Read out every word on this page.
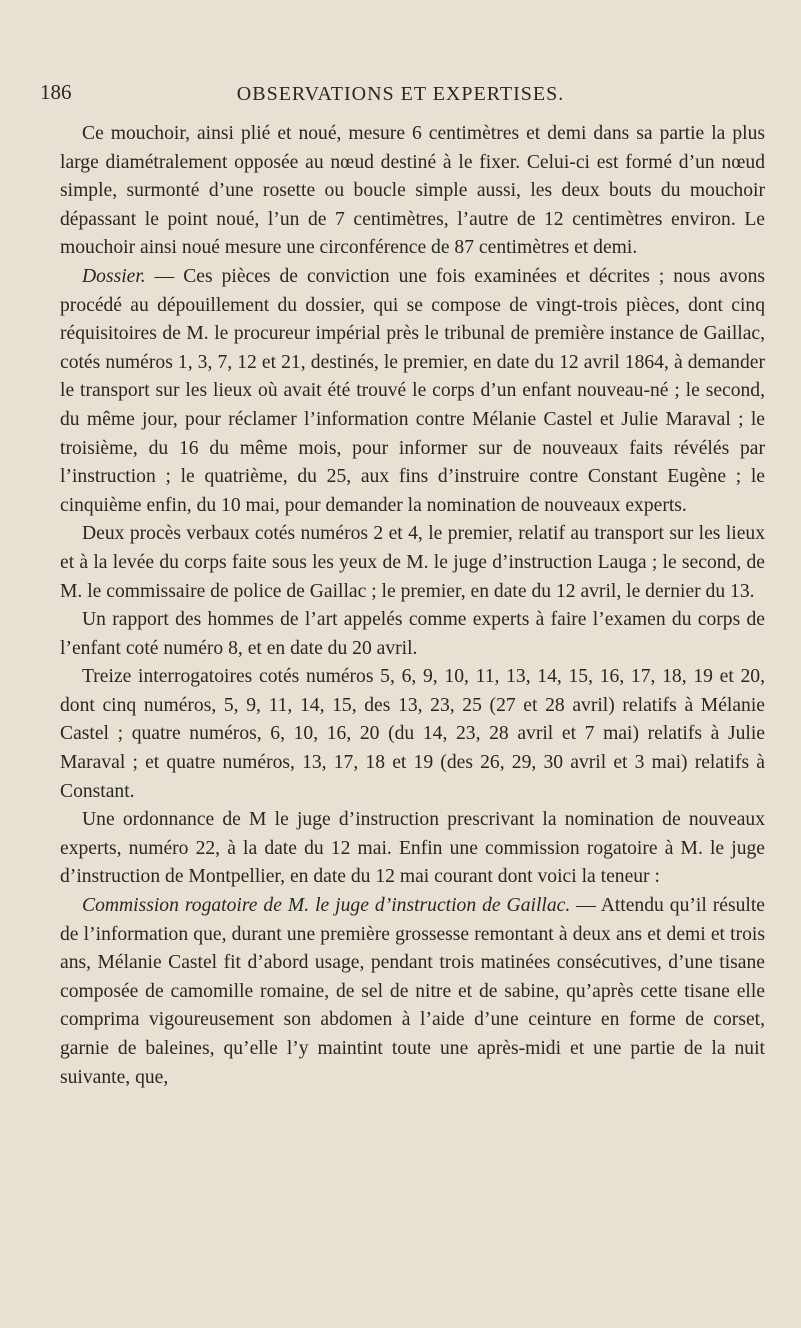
186	OBSERVATIONS ET EXPERTISES.

Ce mouchoir, ainsi plié et noué, mesure 6 centimètres et demi dans sa partie la plus large diamétralement opposée au nœud destiné à le fixer. Celui-ci est formé d’un nœud simple, surmonté d’une rosette ou boucle simple aussi, les deux bouts du mouchoir dépassant le point noué, l’un de 7 centimètres, l’autre de 12 centimètres environ. Le mouchoir ainsi noué mesure une circonférence de 87 centimètres et demi.

Dossier. — Ces pièces de conviction une fois examinées et décrites ; nous avons procédé au dépouillement du dossier, qui se compose de vingt-trois pièces, dont cinq réquisitoires de M. le procureur impérial près le tribunal de première instance de Gaillac, cotés numéros 1, 3, 7, 12 et 21, destinés, le premier, en date du 12 avril 1864, à demander le transport sur les lieux où avait été trouvé le corps d’un enfant nouveau-né ; le second, du même jour, pour réclamer l’information contre Mélanie Castel et Julie Maraval ; le troisième, du 16 du même mois, pour informer sur de nouveaux faits révélés par l’instruction ; le quatrième, du 25, aux fins d’instruire contre Constant Eugène ; le cinquième enfin, du 10 mai, pour demander la nomination de nouveaux experts.

Deux procès verbaux cotés numéros 2 et 4, le premier, relatif au transport sur les lieux et à la levée du corps faite sous les yeux de M. le juge d’instruction Lauga ; le second, de M. le commissaire de police de Gaillac ; le premier, en date du 12 avril, le dernier du 13.

Un rapport des hommes de l’art appelés comme experts à faire l’examen du corps de l’enfant coté numéro 8, et en date du 20 avril.

Treize interrogatoires cotés numéros 5, 6, 9, 10, 11, 13, 14, 15, 16, 17, 18, 19 et 20, dont cinq numéros, 5, 9, 11, 14, 15, des 13, 23, 25 (27 et 28 avril) relatifs à Mélanie Castel ; quatre numéros, 6, 10, 16, 20 (du 14, 23, 28 avril et 7 mai) relatifs à Julie Maraval ; et quatre numéros, 13, 17, 18 et 19 (des 26, 29, 30 avril et 3 mai) relatifs à Constant.

Une ordonnance de M le juge d’instruction prescrivant la nomination de nouveaux experts, numéro 22, à la date du 12 mai. Enfin une commission rogatoire à M. le juge d’instruction de Montpellier, en date du 12 mai courant dont voici la teneur :

Commission rogatoire de M. le juge d’instruction de Gaillac. — Attendu qu’il résulte de l’information que, durant une première grossesse remontant à deux ans et demi et trois ans, Mélanie Castel fit d’abord usage, pendant trois matinées consécutives, d’une tisane composée de camomille romaine, de sel de nitre et de sabine, qu’après cette tisane elle comprima vigoureusement son abdomen à l’aide d’une ceinture en forme de corset, garnie de baleines, qu’elle l’y maintint toute une après-midi et une partie de la nuit suivante, que,
